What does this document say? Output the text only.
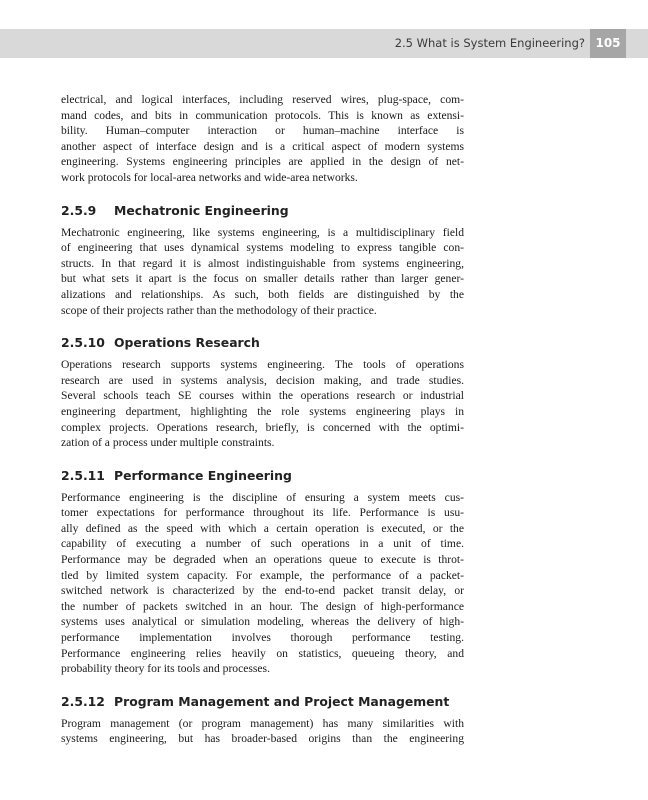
2.5 What is System Engineering? 105
electrical, and logical interfaces, including reserved wires, plug-space, com-
mand codes, and bits in communication protocols. This is known as extensi-
bility. Human–computer interaction or human–machine interface is
another aspect of interface design and is a critical aspect of modern systems
engineering. Systems engineering principles are applied in the design of net-
work protocols for local-area networks and wide-area networks.
2.5.9 Mechatronic Engineering
Mechatronic engineering, like systems engineering, is a multidisciplinary field
of engineering that uses dynamical systems modeling to express tangible con-
structs. In that regard it is almost indistinguishable from systems engineering,
but what sets it apart is the focus on smaller details rather than larger gener-
alizations and relationships. As such, both fields are distinguished by the
scope of their projects rather than the methodology of their practice.
2.5.10 Operations Research
Operations research supports systems engineering. The tools of operations
research are used in systems analysis, decision making, and trade studies.
Several schools teach SE courses within the operations research or industrial
engineering department, highlighting the role systems engineering plays in
complex projects. Operations research, briefly, is concerned with the optimi-
zation of a process under multiple constraints.
2.5.11 Performance Engineering
Performance engineering is the discipline of ensuring a system meets cus-
tomer expectations for performance throughout its life. Performance is usu-
ally defined as the speed with which a certain operation is executed, or the
capability of executing a number of such operations in a unit of time.
Performance may be degraded when an operations queue to execute is throt-
tled by limited system capacity. For example, the performance of a packet-
switched network is characterized by the end-to-end packet transit delay, or
the number of packets switched in an hour. The design of high-performance
systems uses analytical or simulation modeling, whereas the delivery of high-
performance implementation involves thorough performance testing.
Performance engineering relies heavily on statistics, queueing theory, and
probability theory for its tools and processes.
2.5.12 Program Management and Project Management
Program management (or program management) has many similarities with
systems engineering, but has broader-based origins than the engineering
